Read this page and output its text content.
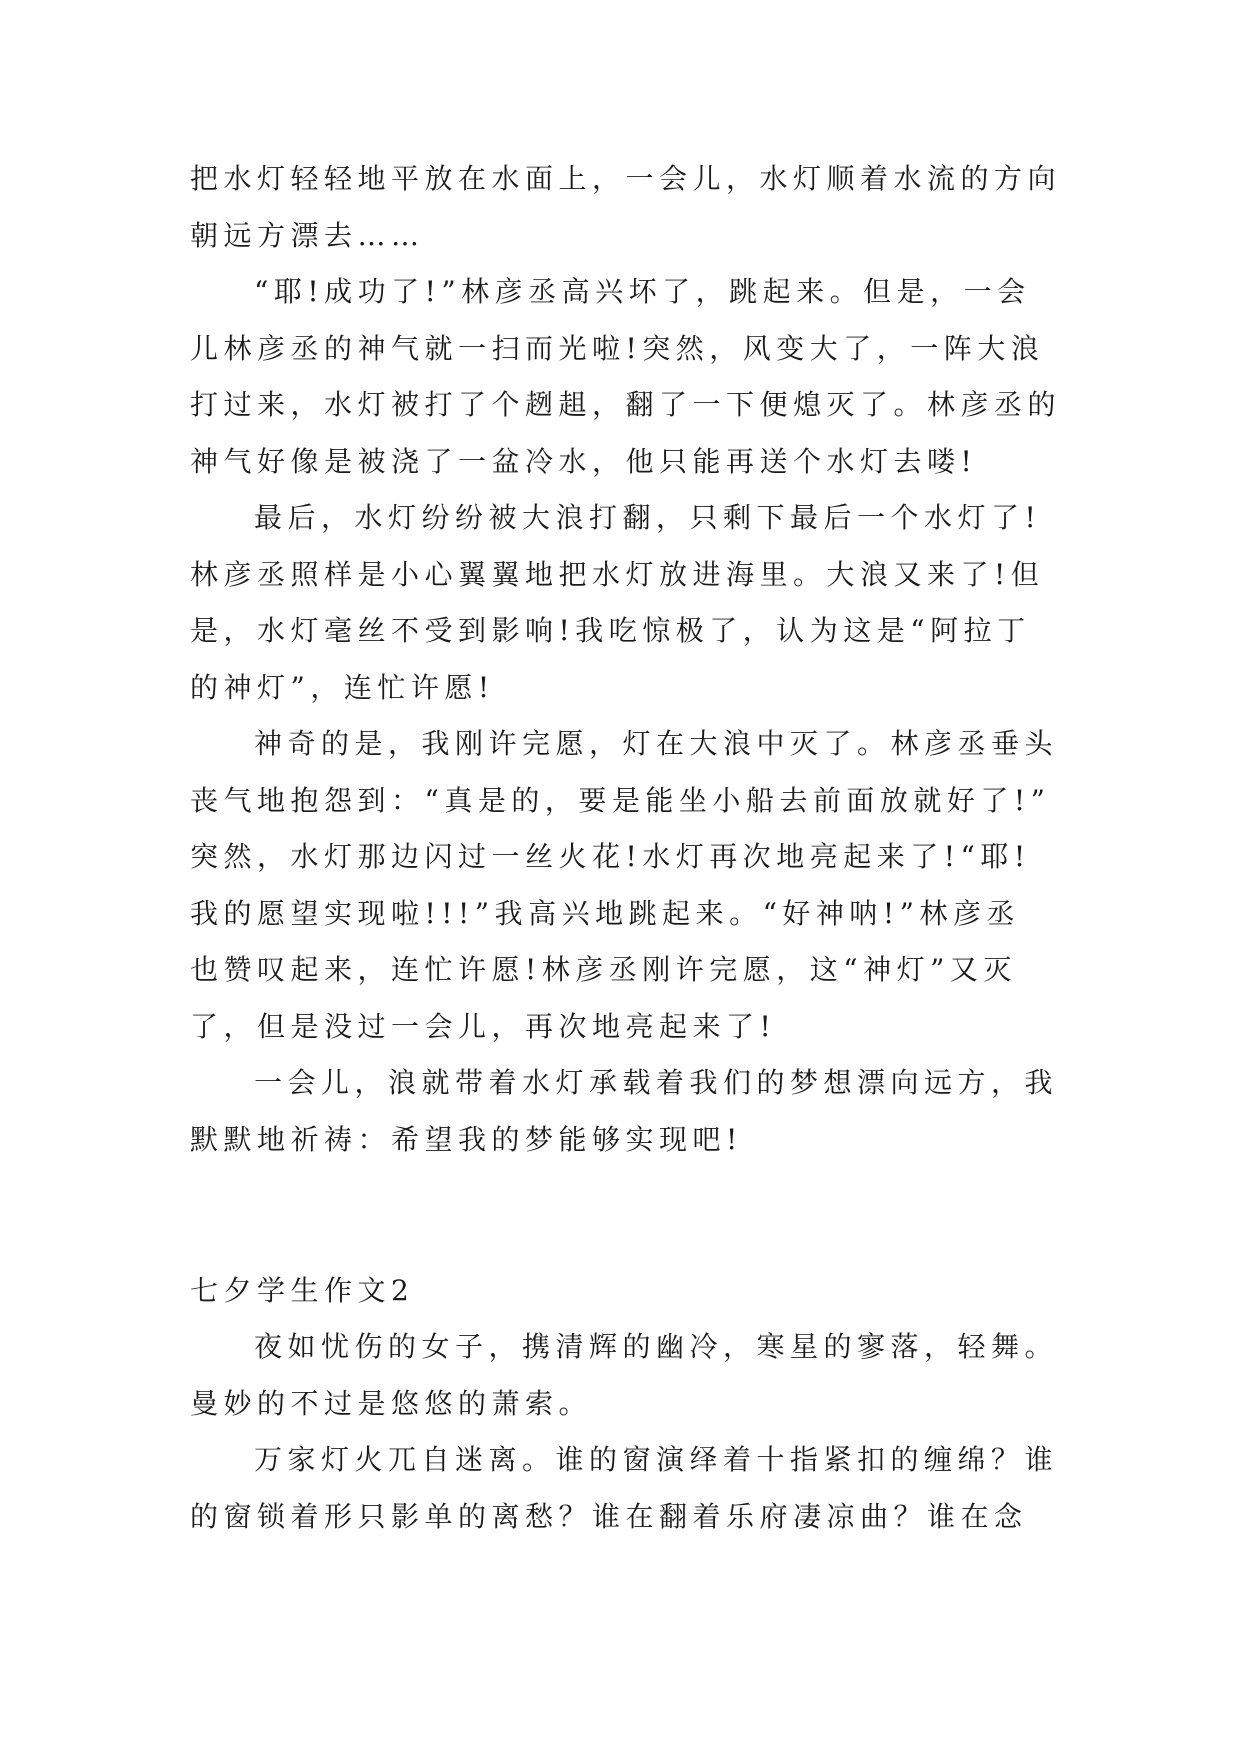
把水灯轻轻地平放在水面上，一会儿，水灯顺着水流的方向
朝远方漂去……
“耶!成功了!”林彦丞高兴坏了，跳起来。但是，一会
儿林彦丞的神气就一扫而光啦!突然，风变大了，一阵大浪
打过来，水灯被打了个趔趄，翻了一下便熄灭了。林彦丞的
神气好像是被浇了一盆冷水，他只能再送个水灯去喽!
最后，水灯纷纷被大浪打翻，只剩下最后一个水灯了!
林彦丞照样是小心翼翼地把水灯放进海里。大浪又来了!但
是，水灯毫丝不受到影响!我吃惊极了，认为这是“阿拉丁
的神灯”，连忙许愿!
神奇的是，我刚许完愿，灯在大浪中灭了。林彦丞垂头
丧气地抱怨到：“真是的，要是能坐小船去前面放就好了!”
突然，水灯那边闪过一丝火花!水灯再次地亮起来了!“耶!
我的愿望实现啦!!!”我高兴地跳起来。“好神呐!”林彦丞
也赞叹起来，连忙许愿!林彦丞刚许完愿，这“神灯”又灭
了，但是没过一会儿，再次地亮起来了!
一会儿，浪就带着水灯承载着我们的梦想漂向远方，我
默默地祈祷：希望我的梦能够实现吧!
七夕学生作文2
夜如忧伤的女子，携清辉的幽冷，寒星的寥落，轻舞。
曼妙的不过是悠悠的萧索。
万家灯火兀自迷离。谁的窗演绎着十指紧扣的缠绵？谁
的窗锁着形只影单的离愁？谁在翻着乐府凄凉曲？谁在念
